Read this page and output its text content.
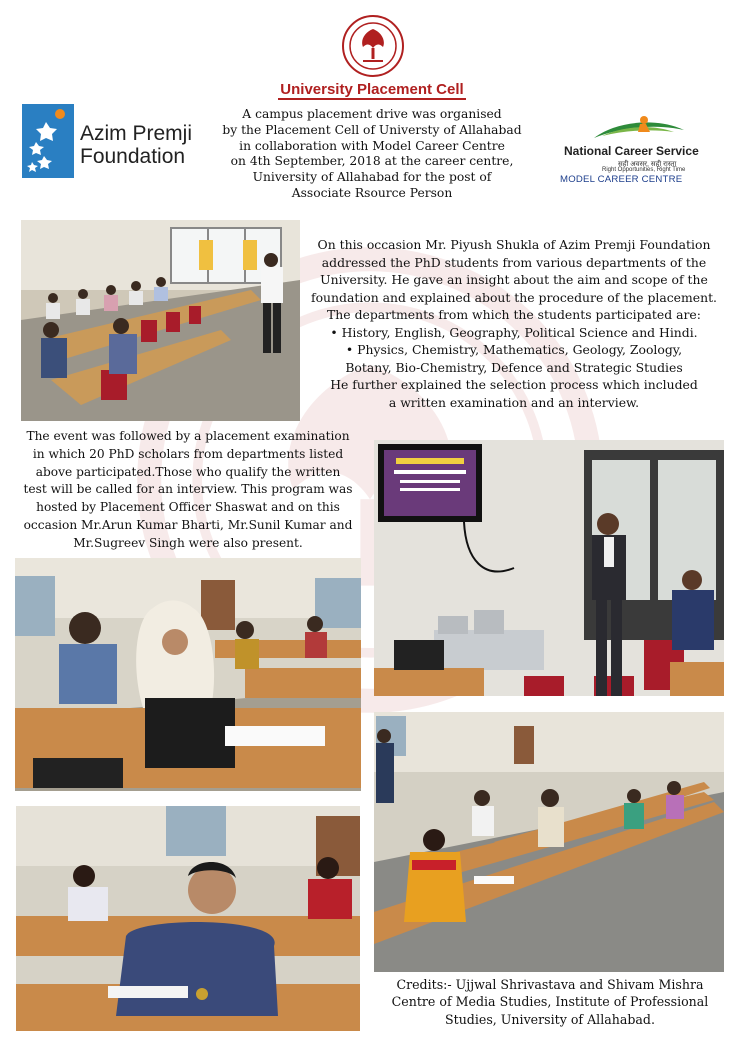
University Placement Cell
Azim Premji
Foundation

A campus placement drive was organised

by the Placement Cell of Universty of Allahabad

in collaboration with Model Career Centre

on 4th September, 2018 at the career centre,

University of Allahabad for the post of

Associate Rsource Person

National Career Service
सही अवसर, सही रास्ता
Right Opportunities, Right Time
MODEL CAREER CENTRE

On this occasion Mr. Piyush Shukla of Azim Premji Foundation

addressed the PhD students from various departments of the

University. He gave an insight about the aim and scope of the

foundation and explained about the procedure of the placement.

The departments from which the students participated are:

• History, English, Geography, Political Science and Hindi.

• Physics, Chemistry, Mathematics, Geology, Zoology,

Botany, Bio-Chemistry, Defence and Strategic Studies

He further explained the selection process which included

a written examination and an interview.

The event was followed by a placement examination

in which 20 PhD scholars from departments listed

above participated.Those who qualify the written

test will be called for an interview. This program was

hosted by Placement Officer Shaswat and on this

occasion Mr.Arun Kumar Bharti, Mr.Sunil Kumar and

Mr.Sugreev Singh were also present.

Credits:- Ujjwal Shrivastava and Shivam Mishra

Centre of Media Studies, Institute of Professional

Studies, University of Allahabad.
